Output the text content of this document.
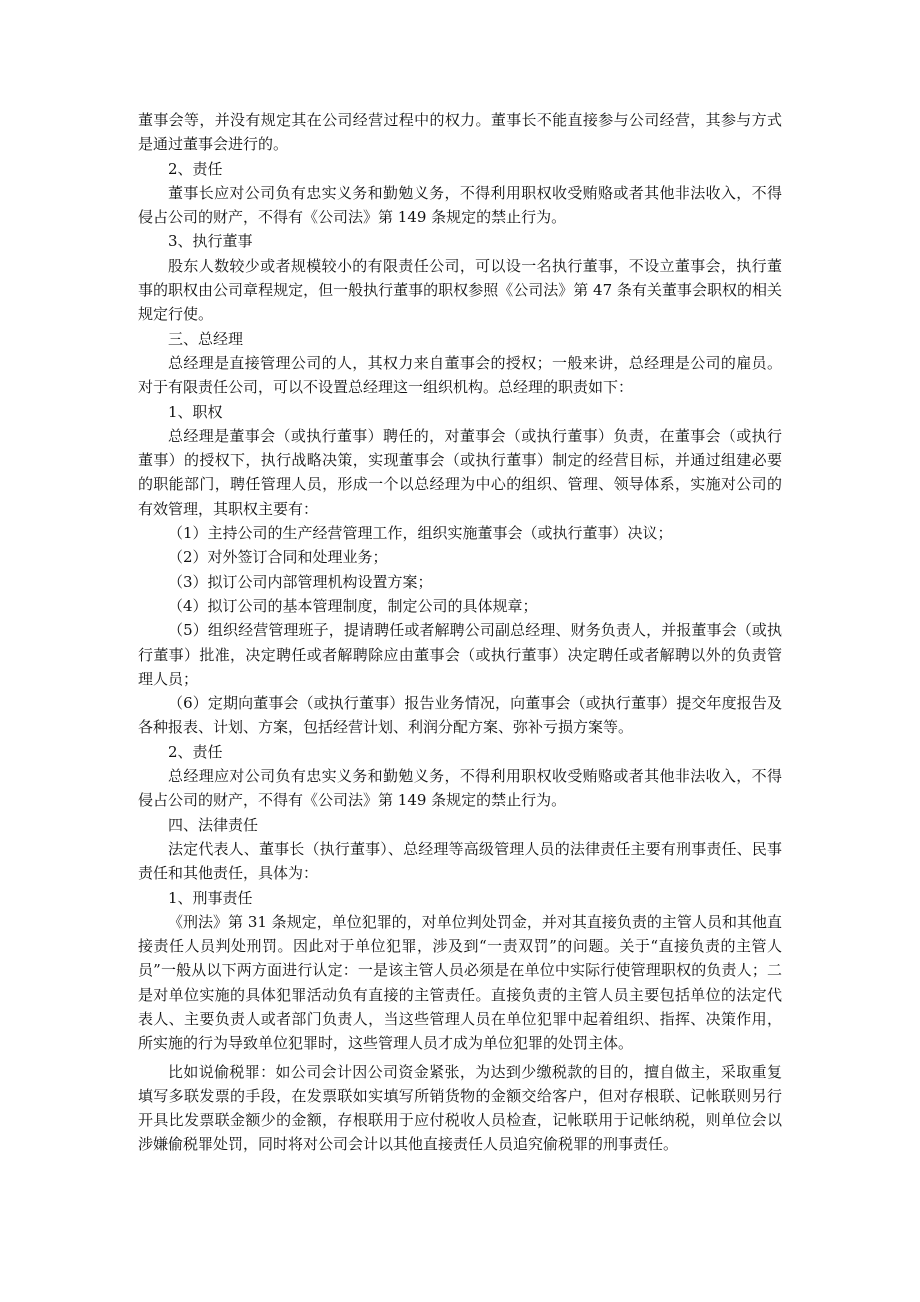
董事会等，并没有规定其在公司经营过程中的权力。董事长不能直接参与公司经营，其参与方式是通过董事会进行的。

2、责任

董事长应对公司负有忠实义务和勤勉义务，不得利用职权收受贿赂或者其他非法收入，不得侵占公司的财产，不得有《公司法》第 149 条规定的禁止行为。

3、执行董事

股东人数较少或者规模较小的有限责任公司，可以设一名执行董事，不设立董事会，执行董事的职权由公司章程规定，但一般执行董事的职权参照《公司法》第 47 条有关董事会职权的相关规定行使。

三、总经理

总经理是直接管理公司的人，其权力来自董事会的授权；一般来讲，总经理是公司的雇员。对于有限责任公司，可以不设置总经理这一组织机构。总经理的职责如下：

1、职权

总经理是董事会（或执行董事）聘任的，对董事会（或执行董事）负责，在董事会（或执行董事）的授权下，执行战略决策，实现董事会（或执行董事）制定的经营目标，并通过组建必要的职能部门，聘任管理人员，形成一个以总经理为中心的组织、管理、领导体系，实施对公司的有效管理，其职权主要有：

（1）主持公司的生产经营管理工作，组织实施董事会（或执行董事）决议；

（2）对外签订合同和处理业务；

（3）拟订公司内部管理机构设置方案；

（4）拟订公司的基本管理制度，制定公司的具体规章；

（5）组织经营管理班子，提请聘任或者解聘公司副总经理、财务负责人，并报董事会（或执行董事）批准，决定聘任或者解聘除应由董事会（或执行董事）决定聘任或者解聘以外的负责管理人员；

（6）定期向董事会（或执行董事）报告业务情况，向董事会（或执行董事）提交年度报告及各种报表、计划、方案，包括经营计划、利润分配方案、弥补亏损方案等。

2、责任

总经理应对公司负有忠实义务和勤勉义务，不得利用职权收受贿赂或者其他非法收入，不得侵占公司的财产，不得有《公司法》第 149 条规定的禁止行为。

四、法律责任

法定代表人、董事长（执行董事）、总经理等高级管理人员的法律责任主要有刑事责任、民事责任和其他责任，具体为：

1、刑事责任

《刑法》第 31 条规定，单位犯罪的，对单位判处罚金，并对其直接负责的主管人员和其他直接责任人员判处刑罚。因此对于单位犯罪，涉及到“一责双罚”的问题。关于“直接负责的主管人员”一般从以下两方面进行认定：一是该主管人员必须是在单位中实际行使管理职权的负责人；二是对单位实施的具体犯罪活动负有直接的主管责任。直接负责的主管人员主要包括单位的法定代表人、主要负责人或者部门负责人，当这些管理人员在单位犯罪中起着组织、指挥、决策作用，所实施的行为导致单位犯罪时，这些管理人员才成为单位犯罪的处罚主体。

比如说偷税罪：如公司会计因公司资金紧张，为达到少缴税款的目的，擅自做主，采取重复填写多联发票的手段，在发票联如实填写所销货物的金额交给客户，但对存根联、记帐联则另行开具比发票联金额少的金额，存根联用于应付税收人员检查，记帐联用于记帐纳税，则单位会以涉嫌偷税罪处罚，同时将对公司会计以其他直接责任人员追究偷税罪的刑事责任。
